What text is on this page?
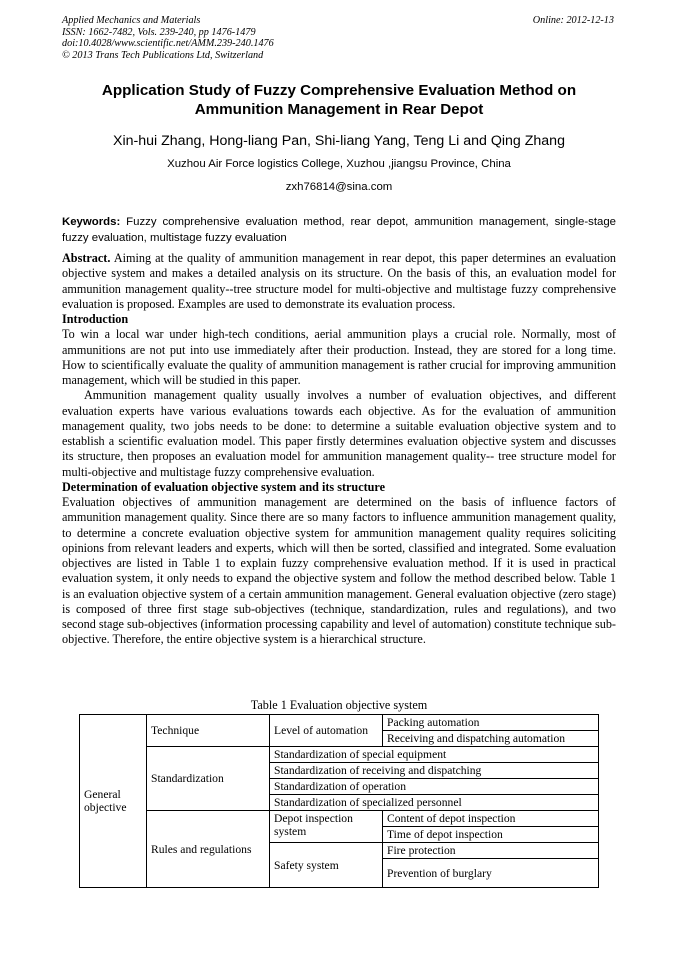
Applied Mechanics and Materials
ISSN: 1662-7482, Vols. 239-240, pp 1476-1479
doi:10.4028/www.scientific.net/AMM.239-240.1476
© 2013 Trans Tech Publications Ltd, Switzerland
Online: 2012-12-13
Application Study of Fuzzy Comprehensive Evaluation Method on
Ammunition Management in Rear Depot
Xin-hui Zhang, Hong-liang Pan, Shi-liang Yang, Teng Li and Qing Zhang
Xuzhou Air Force logistics College, Xuzhou ,jiangsu Province, China
zxh76814@sina.com
Keywords: Fuzzy comprehensive evaluation method, rear depot, ammunition management, single-stage fuzzy evaluation, multistage fuzzy evaluation

Abstract. Aiming at the quality of ammunition management in rear depot, this paper determines an evaluation objective system and makes a detailed analysis on its structure. On the basis of this, an evaluation model for ammunition management quality--tree structure model for multi-objective and multistage fuzzy comprehensive evaluation is proposed. Examples are used to demonstrate its evaluation process.

Introduction

To win a local war under high-tech conditions, aerial ammunition plays a crucial role. Normally, most of ammunitions are not put into use immediately after their production. Instead, they are stored for a long time. How to scientifically evaluate the quality of ammunition management is rather crucial for improving ammunition management, which will be studied in this paper.

Ammunition management quality usually involves a number of evaluation objectives, and different evaluation experts have various evaluations towards each objective. As for the evaluation of ammunition management quality, two jobs needs to be done: to determine a suitable evaluation objective system and to establish a scientific evaluation model. This paper firstly determines evaluation objective system and discusses its structure, then proposes an evaluation model for ammunition management quality-- tree structure model for multi-objective and multistage fuzzy comprehensive evaluation.

Determination of evaluation objective system and its structure

Evaluation objectives of ammunition management are determined on the basis of influence factors of ammunition management quality. Since there are so many factors to influence ammunition management quality, to determine a concrete evaluation objective system for ammunition management quality requires soliciting opinions from relevant leaders and experts, which will then be sorted, classified and integrated. Some evaluation objectives are listed in Table 1 to explain fuzzy comprehensive evaluation method. If it is used in practical evaluation system, it only needs to expand the objective system and follow the method described below. Table 1 is an evaluation objective system of a certain ammunition management. General evaluation objective (zero stage) is composed of three first stage sub-objectives (technique, standardization, rules and regulations), and two second stage sub-objectives (information processing capability and level of automation) constitute technique sub-objective. Therefore, the entire objective system is a hierarchical structure.

Table 1 Evaluation objective system
General objective	Technique	Level of automation	Packing automation
			Receiving and dispatching automation
	Standardization	Standardization of special equipment	
		Standardization of receiving and dispatching	
		Standardization of operation	
		Standardization of specialized personnel	
	Rules and regulations	Depot inspection system	Content of depot inspection
			Time of depot inspection
		Safety system	Fire protection
			Prevention of burglary
